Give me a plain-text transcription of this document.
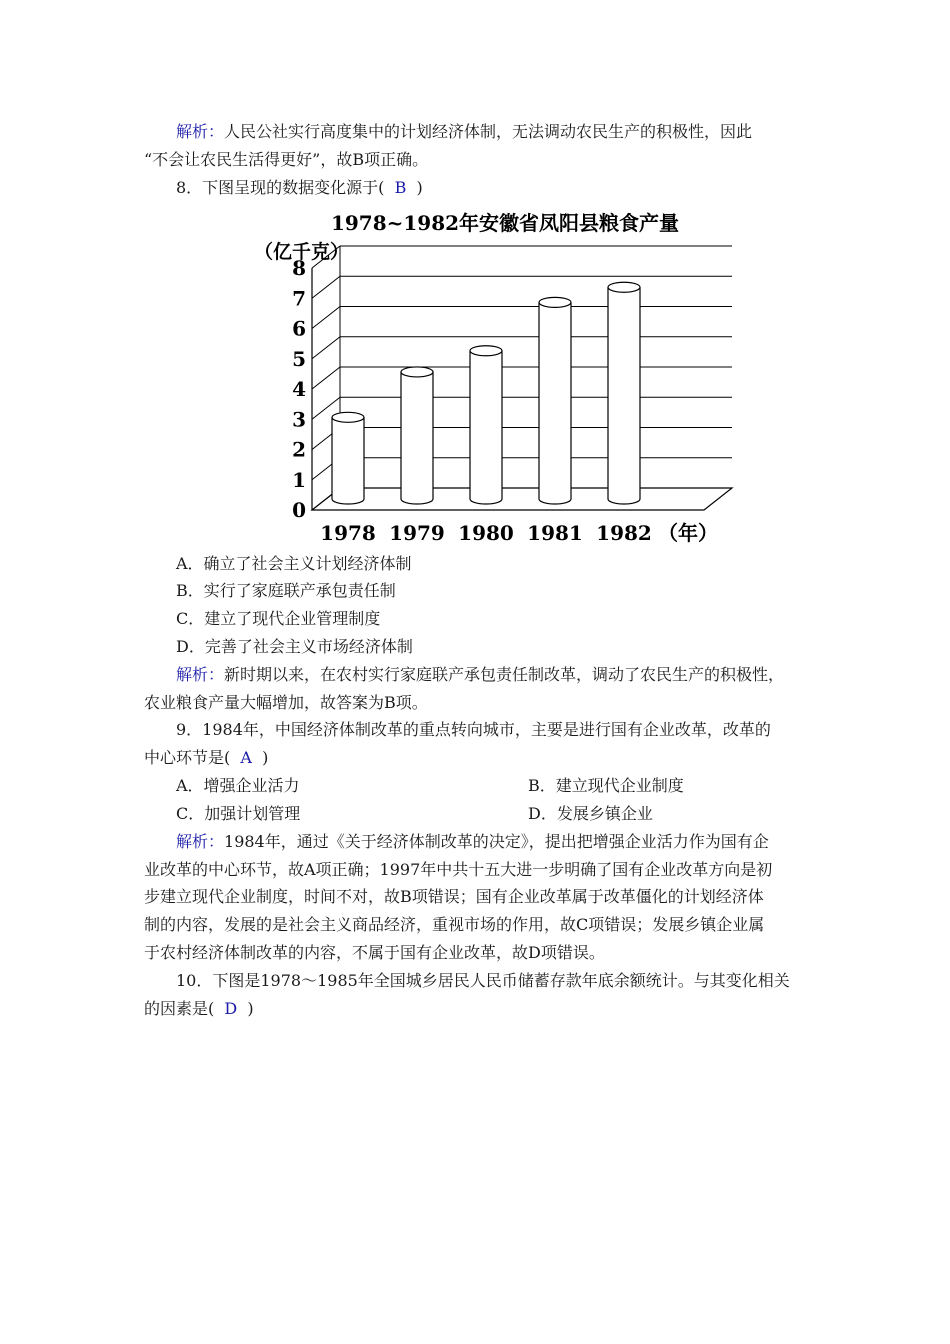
解析：人民公社实行高度集中的计划经济体制，无法调动农民生产的积极性，因此
“不会让农民生活得更好”，故B项正确。
8．下图呈现的数据变化源于( B )
1978~1982年安徽省凤阳县粮食产量
（亿千克）
0
1
2
3
4
5
6
7
8
1978 1979 1980 1981 1982 （年）
A．确立了社会主义计划经济体制
B．实行了家庭联产承包责任制
C．建立了现代企业管理制度
D．完善了社会主义市场经济体制
解析：新时期以来，在农村实行家庭联产承包责任制改革，调动了农民生产的积极性，
农业粮食产量大幅增加，故答案为B项。
9．1984年，中国经济体制改革的重点转向城市，主要是进行国有企业改革，改革的
中心环节是( A )
A．增强企业活力	B．建立现代企业制度
C．加强计划管理	D．发展乡镇企业
解析：1984年，通过《关于经济体制改革的决定》，提出把增强企业活力作为国有企
业改革的中心环节，故A项正确；1997年中共十五大进一步明确了国有企业改革方向是初
步建立现代企业制度，时间不对，故B项错误；国有企业改革属于改革僵化的计划经济体
制的内容，发展的是社会主义商品经济，重视市场的作用，故C项错误；发展乡镇企业属
于农村经济体制改革的内容，不属于国有企业改革，故D项错误。
10．下图是1978～1985年全国城乡居民人民币储蓄存款年底余额统计。与其变化相关
的因素是( D )
